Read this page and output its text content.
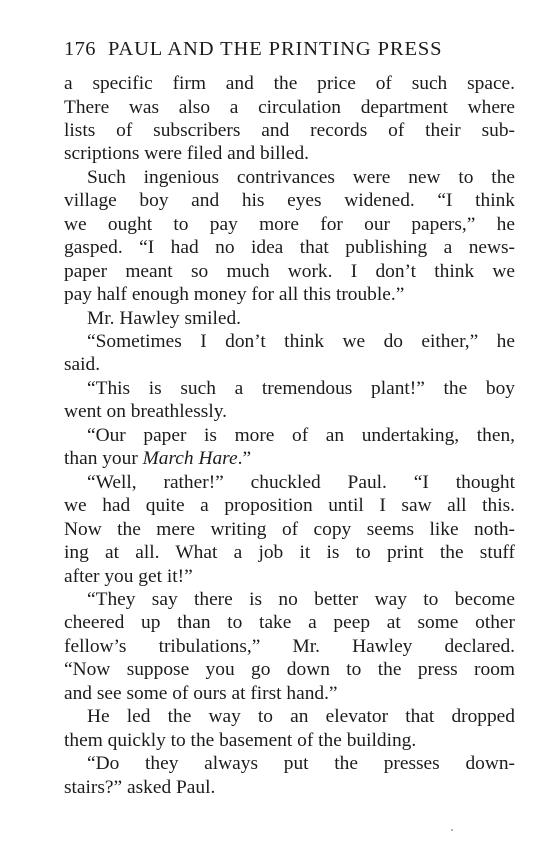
176 PAUL AND THE PRINTING PRESS
a specific firm and the price of such space.
There was also a circulation department where
lists of subscribers and records of their sub-
scriptions were filed and billed.
Such ingenious contrivances were new to the
village boy and his eyes widened. “I think
we ought to pay more for our papers,” he
gasped. “I had no idea that publishing a news-
paper meant so much work. I don’t think we
pay half enough money for all this trouble.”
Mr. Hawley smiled.
“Sometimes I don’t think we do either,” he
said.
“This is such a tremendous plant!” the boy
went on breathlessly.
“Our paper is more of an undertaking, then,
than your March Hare.”
“Well, rather!” chuckled Paul. “I thought
we had quite a proposition until I saw all this.
Now the mere writing of copy seems like noth-
ing at all. What a job it is to print the stuff
after you get it!”
“They say there is no better way to become
cheered up than to take a peep at some other
fellow’s tribulations,” Mr. Hawley declared.
“Now suppose you go down to the press room
and see some of ours at first hand.”
He led the way to an elevator that dropped
them quickly to the basement of the building.
“Do they always put the presses down-
stairs?” asked Paul.
